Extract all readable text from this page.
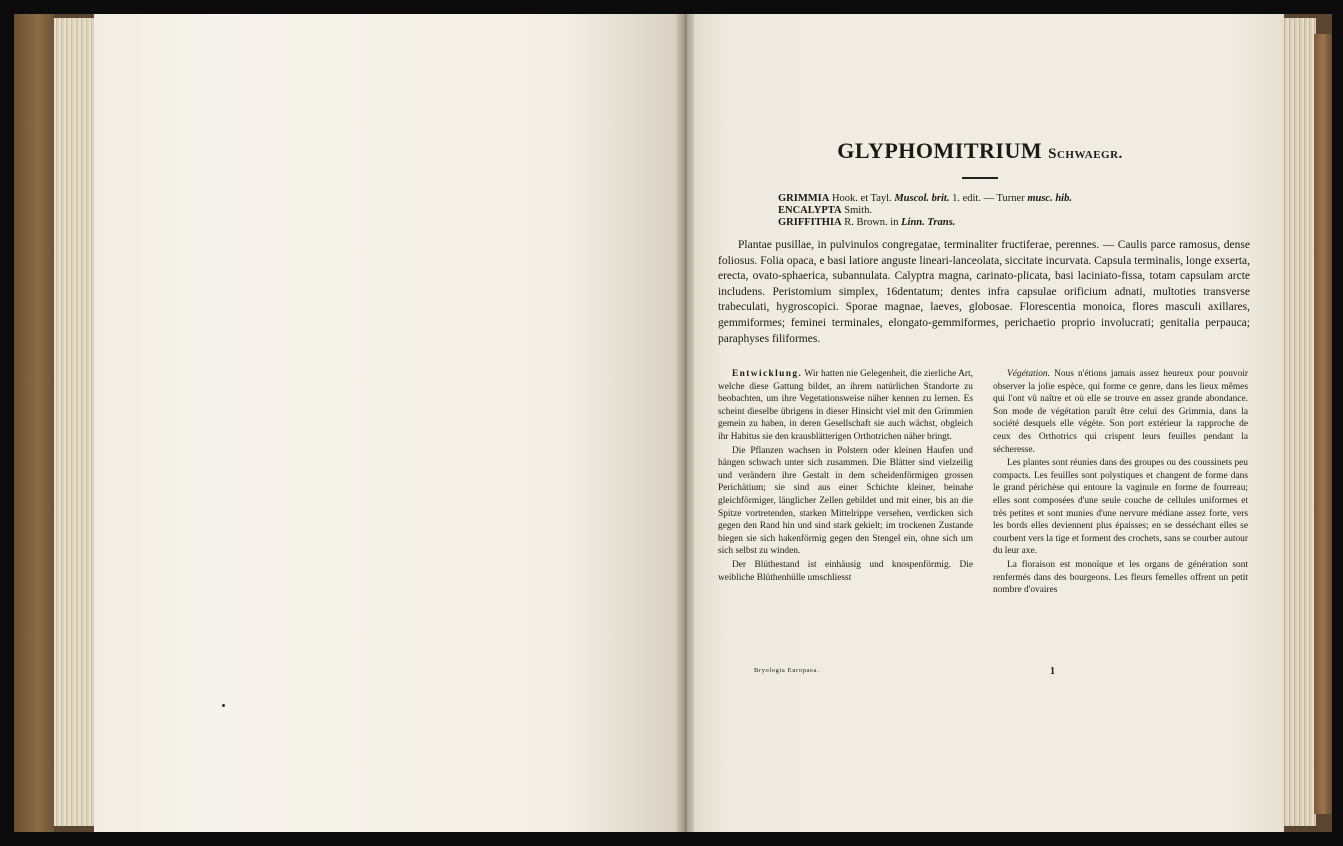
GLYPHOMITRIUM Schwaegr.
GRIMMIA Hook. et Tayl. Muscol. brit. 1. edit. — Turner musc. hib.
ENCALYPTA Smith.
GRIFFITHIA R. Brown. in Linn. Trans.

Plantae pusillae, in pulvinulos congregatae, terminaliter fructiferae, perennes. — Caulis parce ramosus, dense foliosus. Folia opaca, e basi latiore anguste lineari-lanceolata, siccitate incurvata. Capsula terminalis, longe exserta, erecta, ovato-sphaerica, subannulata. Calyptra magna, carinato-plicata, basi laciniato-fissa, totam capsulam arcte includens. Peristomium simplex, 16dentatum; dentes infra capsulae orificium adnati, multoties transverse trabeculati, hygroscopici. Sporae magnae, laeves, globosae. Florescentia monoica, flores masculi axillares, gemmiformes; feminei terminales, elongato-gemmiformes, perichaetio proprio involucrati; genitalia perpauca; paraphyses filiformes.

Entwicklung. Wir hatten nie Gelegenheit, die zierliche Art, welche diese Gattung bildet, an ihrem natürlichen Standorte zu beobachten, um ihre Vegetationsweise näher kennen zu lernen. Es scheint dieselbe übrigens in dieser Hinsicht viel mit den Grimmien gemein zu haben, in deren Gesellschaft sie auch wächst, obgleich ihr Habitus sie den krausblätterigen Orthotrichen näher bringt.

Die Pflanzen wachsen in Polstern oder kleinen Haufen und hängen schwach unter sich zusammen. Die Blätter sind vielzeilig und verändern ihre Gestalt in dem scheidenförmigen grossen Perichätium; sie sind aus einer Schichte kleiner, beinahe gleichförmiger, länglicher Zellen gebildet und mit einer, bis an die Spitze vortretenden, starken Mittelrippe versehen, verdicken sich gegen den Rand hin und sind stark gekielt; im trockenen Zustande biegen sie sich hakenförmig gegen den Stengel ein, ohne sich um sich selbst zu winden.

Der Blüthestand ist einhäusig und knospenförmig. Die weibliche Blüthenhülle umschliesst

Végétation. Nous n'étions jamais assez heureux pour pouvoir observer la jolie espèce, qui forme ce genre, dans les lieux mêmes qui l'ont vû naître et où elle se trouve en assez grande abondance. Son mode de végétation paraît être celui des Grimmia, dans la société desquels elle végète. Son port extérieur la rapproche de ceux des Orthotrics qui crispent leurs feuilles pendant la sécheresse.

Les plantes sont réunies dans des groupes ou des coussinets peu compacts. Les feuilles sont polystiques et changent de forme dans le grand périchèse qui entoure la vaginule en forme de fourreau; elles sont composées d'une seule couche de cellules uniformes et très petites et sont munies d'une nervure médiane assez forte, vers les bords elles deviennent plus épaisses; en se desséchant elles se courbent vers la tige et forment des crochets, sans se courber autour du leur axe.

La floraison est monoïque et les organs de génération sont renfermés dans des bourgeons. Les fleurs femelles offrent un petit nombre d'ovaires

Bryologia Europaea.	1
